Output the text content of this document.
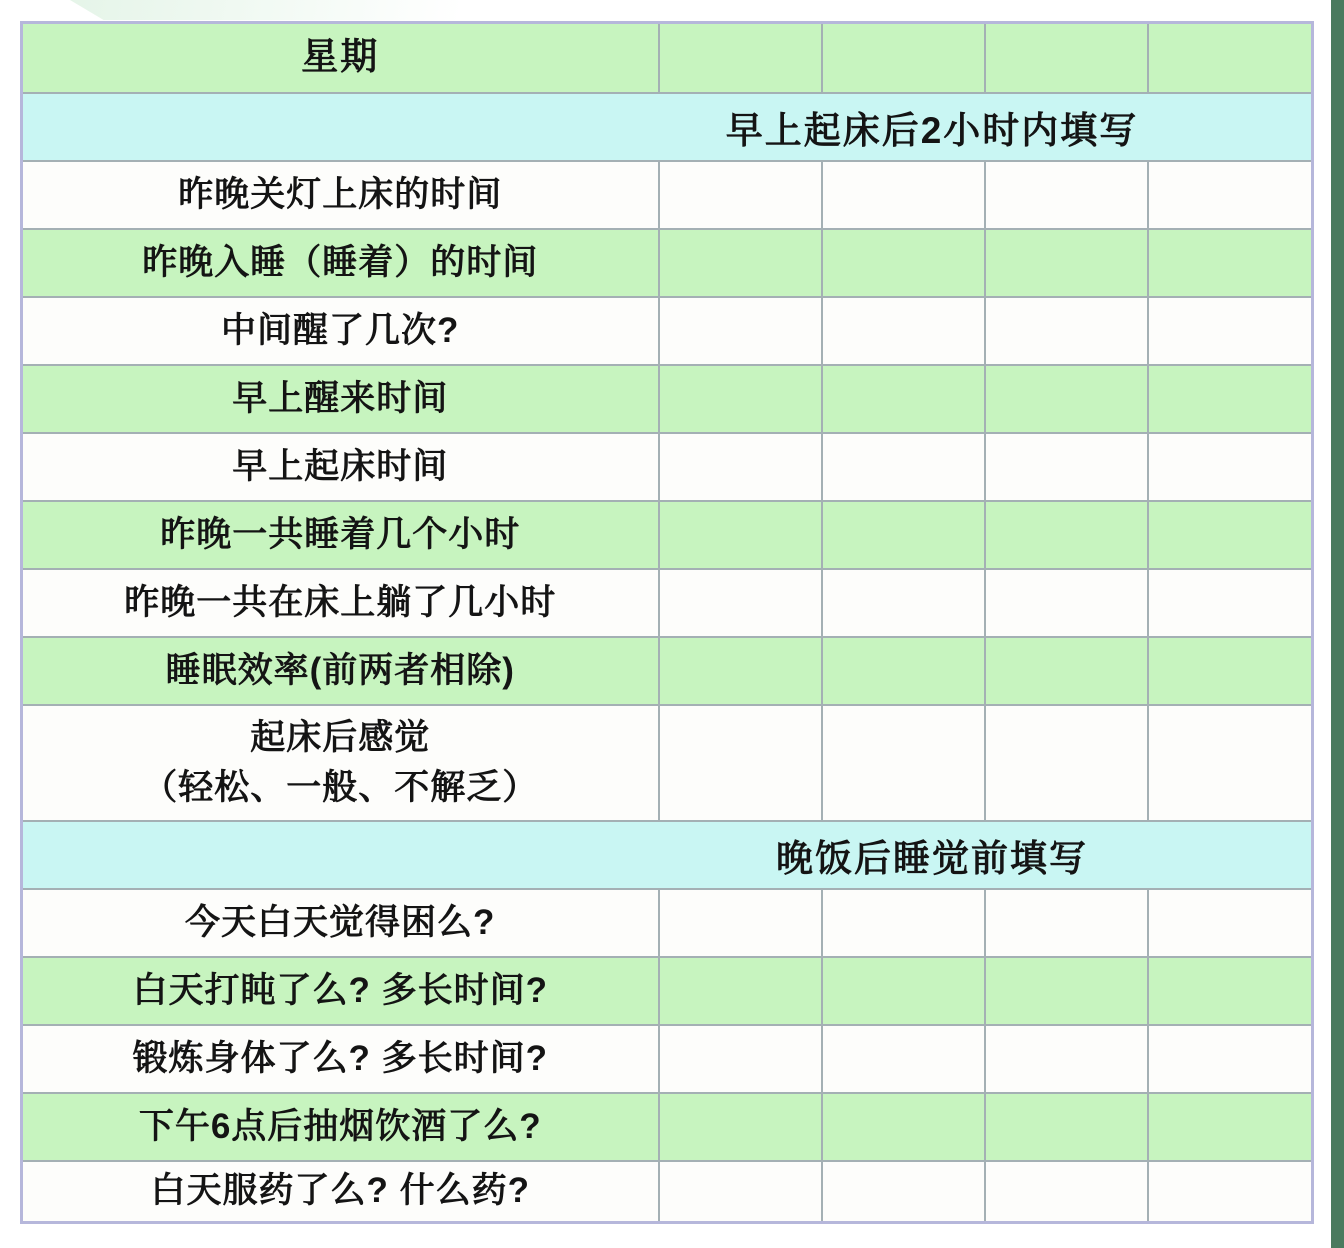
星期				

早上起床后2小时内填写				

昨晚关灯上床的时间				

昨晚入睡（睡着）的时间				

中间醒了几次?				

早上醒来时间				

早上起床时间				

昨晚一共睡着几个小时				

昨晚一共在床上躺了几小时				

睡眠效率(前两者相除)				

起床后感觉
（轻松、一般、不解乏）				

晚饭后睡觉前填写				

今天白天觉得困么?				

白天打盹了么? 多长时间?				

锻炼身体了么? 多长时间?				

下午6点后抽烟饮酒了么?				

白天服药了么? 什么药?				
